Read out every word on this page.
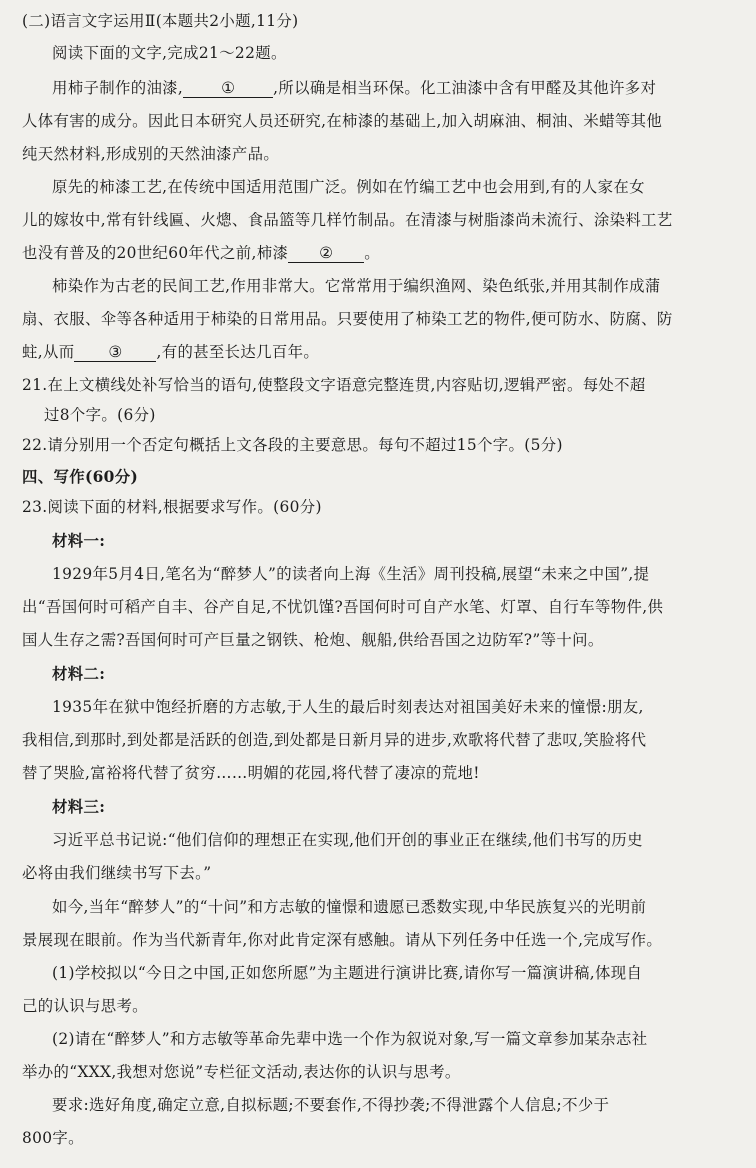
(二)语言文字运用Ⅱ(本题共2小题,11分)
阅读下面的文字,完成21～22题。
用柿子制作的油漆, ① ,所以确是相当环保。化工油漆中含有甲醛及其他许多对
人体有害的成分。因此日本研究人员还研究,在柿漆的基础上,加入胡麻油、桐油、米蜡等其他
纯天然材料,形成别的天然油漆产品。
原先的柿漆工艺,在传统中国适用范围广泛。例如在竹编工艺中也会用到,有的人家在女
儿的嫁妆中,常有针线匾、火熜、食品篮等几样竹制品。在清漆与树脂漆尚未流行、涂染料工艺
也没有普及的20世纪60年代之前,柿漆 ② 。
柿染作为古老的民间工艺,作用非常大。它常常用于编织渔网、染色纸张,并用其制作成蒲
扇、衣服、伞等各种适用于柿染的日常用品。只要使用了柿染工艺的物件,便可防水、防腐、防
蛀,从而 ③ ,有的甚至长达几百年。
21.在上文横线处补写恰当的语句,使整段文字语意完整连贯,内容贴切,逻辑严密。每处不超
过8个字。(6分)
22.请分别用一个否定句概括上文各段的主要意思。每句不超过15个字。(5分)
四、写作(60分)
23.阅读下面的材料,根据要求写作。(60分)
材料一:
1929年5月4日,笔名为“醉梦人”的读者向上海《生活》周刊投稿,展望“未来之中国”,提
出“吾国何时可稻产自丰、谷产自足,不忧饥馑?吾国何时可自产水笔、灯罩、自行车等物件,供
国人生存之需?吾国何时可产巨量之钢铁、枪炮、舰船,供给吾国之边防军?”等十问。
材料二:
1935年在狱中饱经折磨的方志敏,于人生的最后时刻表达对祖国美好未来的憧憬:朋友,
我相信,到那时,到处都是活跃的创造,到处都是日新月异的进步,欢歌将代替了悲叹,笑脸将代
替了哭脸,富裕将代替了贫穷……明媚的花园,将代替了凄凉的荒地!
材料三:
习近平总书记说:“他们信仰的理想正在实现,他们开创的事业正在继续,他们书写的历史
必将由我们继续书写下去。”
如今,当年“醉梦人”的“十问”和方志敏的憧憬和遗愿已悉数实现,中华民族复兴的光明前
景展现在眼前。作为当代新青年,你对此肯定深有感触。请从下列任务中任选一个,完成写作。
(1)学校拟以“今日之中国,正如您所愿”为主题进行演讲比赛,请你写一篇演讲稿,体现自
己的认识与思考。
(2)请在“醉梦人”和方志敏等革命先辈中选一个作为叙说对象,写一篇文章参加某杂志社
举办的“XXX,我想对您说”专栏征文活动,表达你的认识与思考。
要求:选好角度,确定立意,自拟标题;不要套作,不得抄袭;不得泄露个人信息;不少于
800字。
